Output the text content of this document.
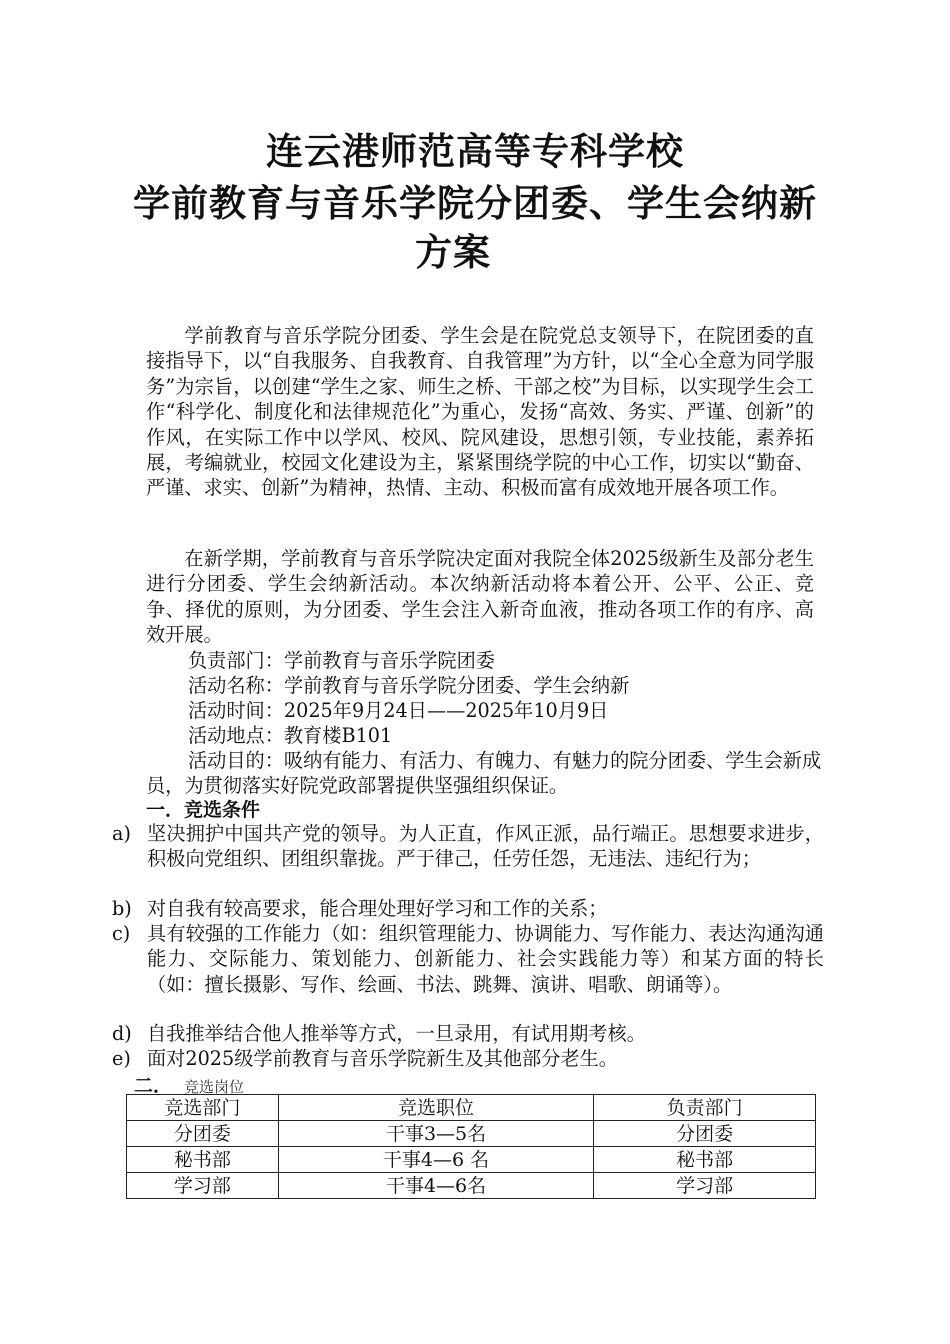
连云港师范高等专科学校
学前教育与音乐学院分团委、学生会纳新
方案

学前教育与音乐学院分团委、学生会是在院党总支领导下，在院团委的直接指导下，以“自我服务、自我教育、自我管理”为方针，以“全心全意为同学服务”为宗旨，以创建“学生之家、师生之桥、干部之校”为目标，以实现学生会工作“科学化、制度化和法律规范化”为重心，发扬“高效、务实、严谨、创新”的作风，在实际工作中以学风、校风、院风建设，思想引领，专业技能，素养拓展，考编就业，校园文化建设为主，紧紧围绕学院的中心工作，切实以“勤奋、严谨、求实、创新”为精神，热情、主动、积极而富有成效地开展各项工作。

在新学期，学前教育与音乐学院决定面对我院全体2025级新生及部分老生进行分团委、学生会纳新活动。本次纳新活动将本着公开、公平、公正、竞争、择优的原则，为分团委、学生会注入新奇血液，推动各项工作的有序、高效开展。

负责部门：学前教育与音乐学院团委
活动名称：学前教育与音乐学院分团委、学生会纳新
活动时间：2025年9月24日——2025年10月9日
活动地点：教育楼B101

活动目的：吸纳有能力、有活力、有魄力、有魅力的院分团委、学生会新成员，为贯彻落实好院党政部署提供坚强组织保证。

一．竞选条件
a) 坚决拥护中国共产党的领导。为人正直，作风正派，品行端正。思想要求进步，积极向党组织、团组织靠拢。严于律己，任劳任怨，无违法、违纪行为；
b) 对自我有较高要求，能合理处理好学习和工作的关系；
c) 具有较强的工作能力（如：组织管理能力、协调能力、写作能力、表达沟通沟通能力、交际能力、策划能力、创新能力、社会实践能力等）和某方面的特长（如：擅长摄影、写作、绘画、书法、跳舞、演讲、唱歌、朗诵等）。
d) 自我推举结合他人推举等方式，一旦录用，有试用期考核。
e) 面对2025级学前教育与音乐学院新生及其他部分老生。
二． 竞选岗位
竞选部门	竞选职位	负责部门
分团委	干事3—5名	分团委
秘书部	干事4—6 名	秘书部
学习部	干事4—6名	学习部
